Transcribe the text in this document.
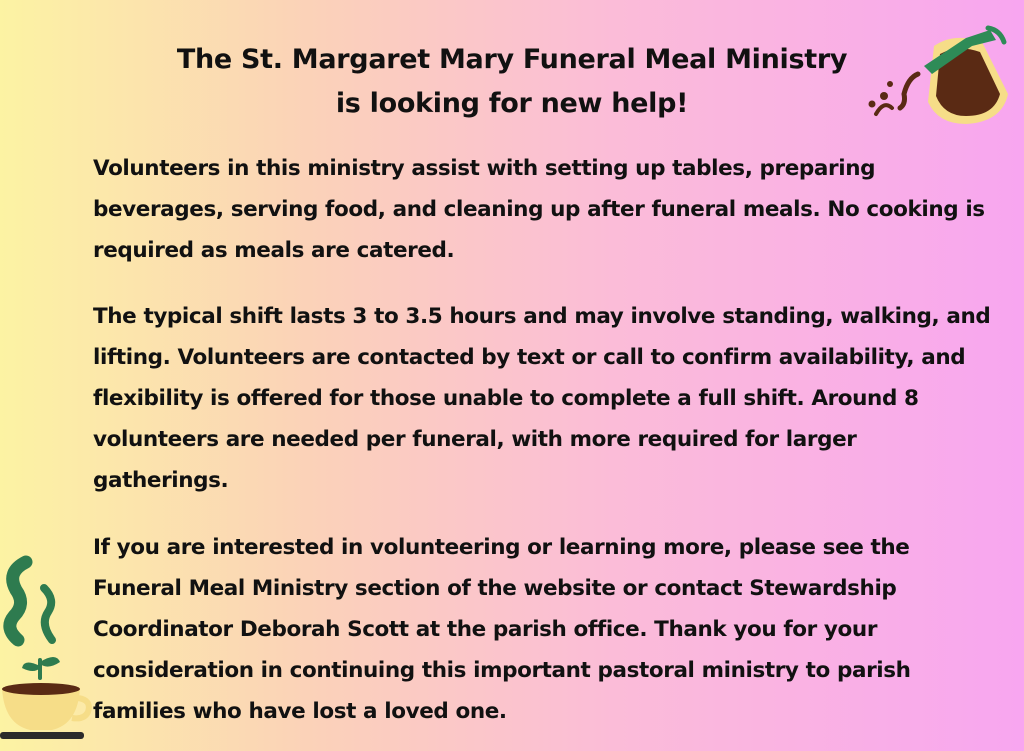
The St. Margaret Mary Funeral Meal Ministry
is looking for new help!

Volunteers in this ministry assist with setting up tables, preparing beverages, serving food, and cleaning up after funeral meals. No cooking is required as meals are catered.

The typical shift lasts 3 to 3.5 hours and may involve standing, walking, and lifting. Volunteers are contacted by text or call to confirm availability, and flexibility is offered for those unable to complete a full shift. Around 8 volunteers are needed per funeral, with more required for larger gatherings.

If you are interested in volunteering or learning more, please see the Funeral Meal Ministry section of the website or contact Stewardship Coordinator Deborah Scott at the parish office. Thank you for your consideration in continuing this important pastoral ministry to parish families who have lost a loved one.
